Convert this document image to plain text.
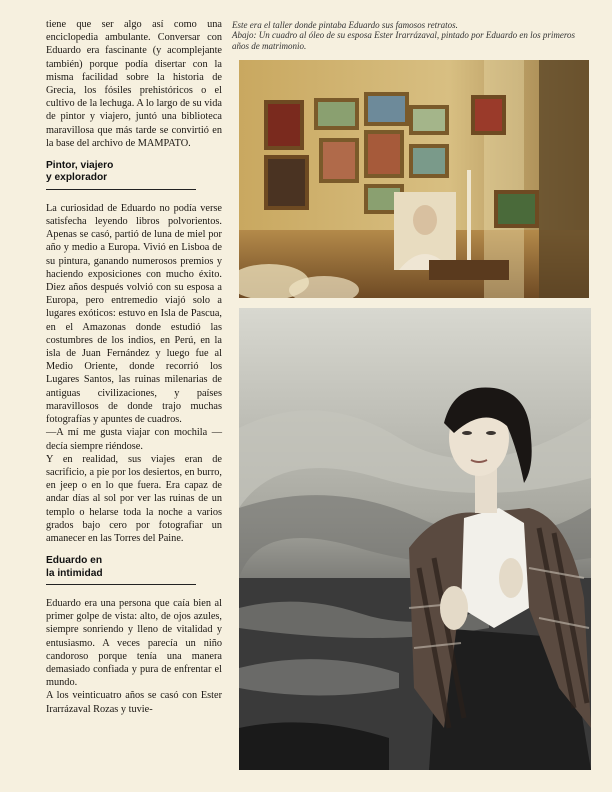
tiene que ser algo así como una enciclopedia ambulante. Conversar con Eduardo era fascinante (y acomplejante también) porque podía disertar con la misma facilidad sobre la historia de Grecia, los fósiles prehistóricos o el cultivo de la lechuga. A lo largo de su vida de pintor y viajero, juntó una biblioteca maravillosa que más tarde se convirtió en la base del archivo de MAMPATO.

Pintor, viajero
y explorador

La curiosidad de Eduardo no podía verse satisfecha leyendo libros polvorientos. Apenas se casó, partió de luna de miel por año y medio a Europa. Vivió en Lisboa de su pintura, ganando numerosos premios y haciendo exposiciones con mucho éxito. Diez años después volvió con su esposa a Europa, pero entremedio viajó solo a lugares exóticos: estuvo en Isla de Pascua, en el Amazonas donde estudió las costumbres de los indios, en Perú, en la isla de Juan Fernández y luego fue al Medio Oriente, donde recorrió los Lugares Santos, las ruinas milenarias de antiguas civilizaciones, y países maravillosos de donde trajo muchas fotografías y apuntes de cuadros.

—A mí me gusta viajar con mochila —decía siempre riéndose.

Y en realidad, sus viajes eran de sacrificio, a pie por los desiertos, en burro, en jeep o en lo que fuera. Era capaz de andar días al sol por ver las ruinas de un templo o helarse toda la noche a varios grados bajo cero por fotografiar un amanecer en las Torres del Paine.

Eduardo en
la intimidad

Eduardo era una persona que caía bien al primer golpe de vista: alto, de ojos azules, siempre sonriendo y lleno de vitalidad y entusiasmo. A veces parecía un niño candoroso porque tenía una manera demasiado confiada y pura de enfrentar el mundo.

A los veinticuatro años se casó con Ester Irarrázaval Rozas y tuvie-

Este era el taller donde pintaba Eduardo sus famosos retratos.

Abajo: Un cuadro al óleo de su esposa Ester Irarrázaval, pintado por Eduardo en los primeros años de matrimonio.
